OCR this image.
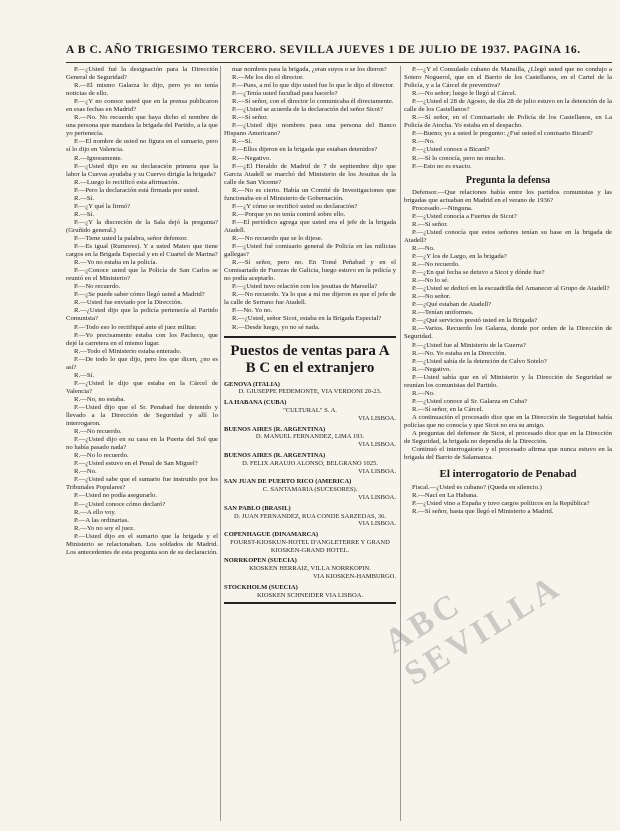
A B C. AÑO TRIGESIMO TERCERO. SEVILLA JUEVES 1 DE JULIO DE 1937. PAGINA 16.

P.—¿Usted fué la designación para la Dirección General de Seguridad?

R.—El mismo Galarza lo dijo, pero yo no tenía noticias de ello.

P.—¿Y no conoce usted que en la prensa publicaron en esas fechas en Madrid?

R.—No. No recuerdo que haya dicho el nombre de una persona que mandara la brigada del Partido, a la que yo pertenecía.

P.—El nombre de usted no figura en el sumario, pero sí lo dijo en Valencia.

R.—Ignoramente.

P.—¿Usted dijo en su declaración primera que la labor la Cuevas ayudaba y su Cuervo dirigía la brigada?

R.—Luego lo rectificó esta afirmación.

P.—Pero la declaración está firmada por usted.

R.—Sí.

P.—¿Y qué la firmó?

R.—Sí.

P.—¿Y la discreción de la Sala dejó la pregunta? (Gruñido general.)

P.—Tiene usted la palabra, señor defensor.

P.—Es igual (Rumores). Y a usted Mateo que tiene cargos en la Brigada Especial y en el Cuartel de Marina?

R.—Yo no estaba en la policía.

P.—¿Conoce usted que la Policía de San Carlos se reunió en el Ministerio?

P.—No recuerdo.

P.—¿Se puede saber cómo llegó usted a Madrid?

R.—Usted fue enviado por la Dirección.

R.—¿Usted dijo que la policía pertenecía al Partido Comunista?

P.—Todo eso lo rectifiqué ante el juez militar.

P.—Yo precisamente estaba con los Pacheco, que dejé la carretera en el mismo lugar.

R.—Todo el Ministerio estaba enterado.

P.—De todo lo que dijo, pero los que dicen, ¿no es así?

R.—Sí.

P.—¿Usted le dijo que estaba en la Cárcel de Valencia?

R.—No, no estaba.

P.—Usted dijo que el Sr. Penabad fue detenido y llevado a la Dirección de Seguridad y allí lo interrogaron.

R.—No recuerdo.

P.—¿Usted dijo en su casa en la Puerta del Sol que no había pasado nada?

R.—No lo recuerdo.

P.—¿Usted estuvo en el Penal de San Miguel?

R.—No.

P.—¿Usted sabe que el sumario fue instruido por los Tribunales Populares?

P.—Usted no podía asegurarlo.

P.—¿Usted conoce cómo declaró?

R.—A ello voy.

P.—A las ordinarias.

R.—Yo no soy el juez.

P.—Usted dijo en el sumario que la brigada y el Ministerio se relacionaban. Los soldados de Madrid. Los antecedentes de esta pregunta son de su declaración.

mar nombres para la brigada, ¿eran suyos o se los dieron?

R.—Me los dio el director.

P.—Pues, a mí lo que dijo usted fue lo que le dijo el director.

P.—¿Tenía usted facultad para hacerlo?

R.—Sí señor, con el director lo comunicaba él directamente.

P.—¿Usted se acuerda de la declaración del señor Sicot?

R.—Sí señor.

P.—¿Usted dijo nombres para una persona del Banco Hispano Americano?

R.—Sí.

P.—Ellos dijeron en la brigada que estaban detenidos?

R.—Negativo.

P.—¿El Heraldo de Madrid de 7 de septiembre dijo que Garcia Atadell se marchó del Ministerio de los Jesuitas de la calle de San Vicente?

R.—No es cierto. Había un Comité de Investigaciones que funcionaba en el Ministerio de Gobernación.

P.—¿Y cómo se rectificó usted su declaración?

R.—Porque yo no tenía control sobre ello.

P.—El periódico agrega que usted era el jefe de la brigada Atadell.

R.—No recuerdo que se lo dijese.

P.—¿Usted fué comisario general de Policía en las milicias gallegas?

R.—Sí señor, pero no. En Tomé Peñabad y en el Comisariado de Fuerzas de Galicia, luego estuvo en la policía y no podía aceptarlo.

P.—¿Usted tuvo relación con los jesuitas de Marsella?

R.—No recuerdo. Ya lo que a mí me dijeron es que el jefe de la calle de Serrano fue Atadell.

P.—No. Yo no.

R.—¿Usted, señor Sicot, estaba en la Brigada Especial?

R.—Desde luego, yo no sé nada.

Puestos de ventas para A B C en el extranjero
GENOVA (ITALIA)
D. GIUSEPPE PEDEMONTE, VIA VERDONI 20-23.
LA HABANA (CUBA)
"CULTURAL" S. A.
VIA LISBOA.
BUENOS AIRES (R. ARGENTINA)
D. MANUEL FERNANDEZ, LIMA 193.
VIA LISBOA.
BUENOS AIRES (R. ARGENTINA)
D. FELIX ARAUJO ALONSO, BELGRANO 1025.
VIA LISBOA.
SAN JUAN DE PUERTO RICO (AMERICA)
C. SANTAMARIA (SUCESORES).
VIA LISBOA.
SAN PABLO (BRASIL)
D. JUAN FERNANDEZ, RUA CONDE SARZEDAS, 36.
VIA LISBOA.
COPENHAGUE (DINAMARCA)
FOURST-KIOSKUN-HOTEL D'ANGLETERRE Y GRAND KIOSKEN-GRAND HOTEL.
NORRKOPEN (SUECIA)
KIOSKEN HERRAIZ, VILLA NORRKOPIN.
VIA KIOSKEN-HAMBURGO.
STOCKHOLM (SUECIA)
KIOSKEN SCHNEIDER VIA LISBOA.

P.—¿Y el Consulado cubano de Mansilla, ¿Llegó usted que no condujo a Sotero Noguerol, que en el Barrio de los Castellanos, en el Cartel de la Policía, y a la Cárcel de preventiva?

R.—No señor; luego le llegó al Cárcel.

P.—¿Usted el 28 de Agosto, de día 28 de julio estuvo en la detención de la calle de los Castellanos?

R.—Sí señor, en el Comisariado de Policía de los Castellanos, en La Policía de Atocha. Yo estaba en el despacho.

P.—Bueno; yo a usted le pregunto: ¿Fué usted el comisario Bicard?

R.—No.

P.—¿Usted conoce a Bicard?

R.—Sí lo conocía, pero no mucho.

P.—Esto no es exacto.

Pregunta la defensa

Defensor.—Que relaciones había entre los partidos comunistas y las brigadas que actuaban en Madrid en el verano de 1936?

Procesado.—Ninguna.

P.—¿Usted conocía a Fuertes de Sicot?

R.—Sí señor.

P.—¿Usted conocía que estos señores tenían su base en la brigada de Atadell?

R.—No.

P.—¿Y los de Largo, en la brigada?

R.—No recuerdo.

P.—¿En qué fecha se detuvo a Sicot y dónde fue?

R.—No lo sé.

P.—¿Usted se dedicó en la escuadrilla del Amanecer al Grupo de Atadell?

R.—No señor.

P.—¿Qué estaban de Atadell?

R.—Tenían uniformes.

P.—¿Qué servicios prestó usted en la Brigada?

R.—Varios. Recuerdo los Galarza, donde por orden de la Dirección de Seguridad.

P.—¿Usted fue al Ministerio de la Guerra?

R.—No. Yo estaba en la Dirección.

P.—¿Usted sabía de la detención de Calvo Sotelo?

R.—Negativo.

P.—Usted sabía que en el Ministerio y la Dirección de Seguridad se reunían los comunistas del Partido.

R.—No.

P.—¿Usted conoce al Sr. Galarza en Cuba?

R.—Sí señor, en la Cárcel.

A continuación el procesado dice que en la Dirección de Seguridad había policías que no conocía y que Sicot no era su amigo.

A preguntas del defensor de Sicot, el procesado dice que en la Dirección de Seguridad, la brigada no dependía de la Dirección.

Continuó el interrogatorio y el procesado afirma que nunca estuvo en la brigada del Barrio de Salamanca.

El interrogatorio de Penabad

Fiscal.—¿Usted es cubano? (Queda en silencio.)

R.—Nací en La Habana.

P.—¿Usted vino a España y tuvo cargos políticos en la República?

R.—Sí señor, hasta que llegó el Ministerio a Madrid.

ABC SEVILLA
